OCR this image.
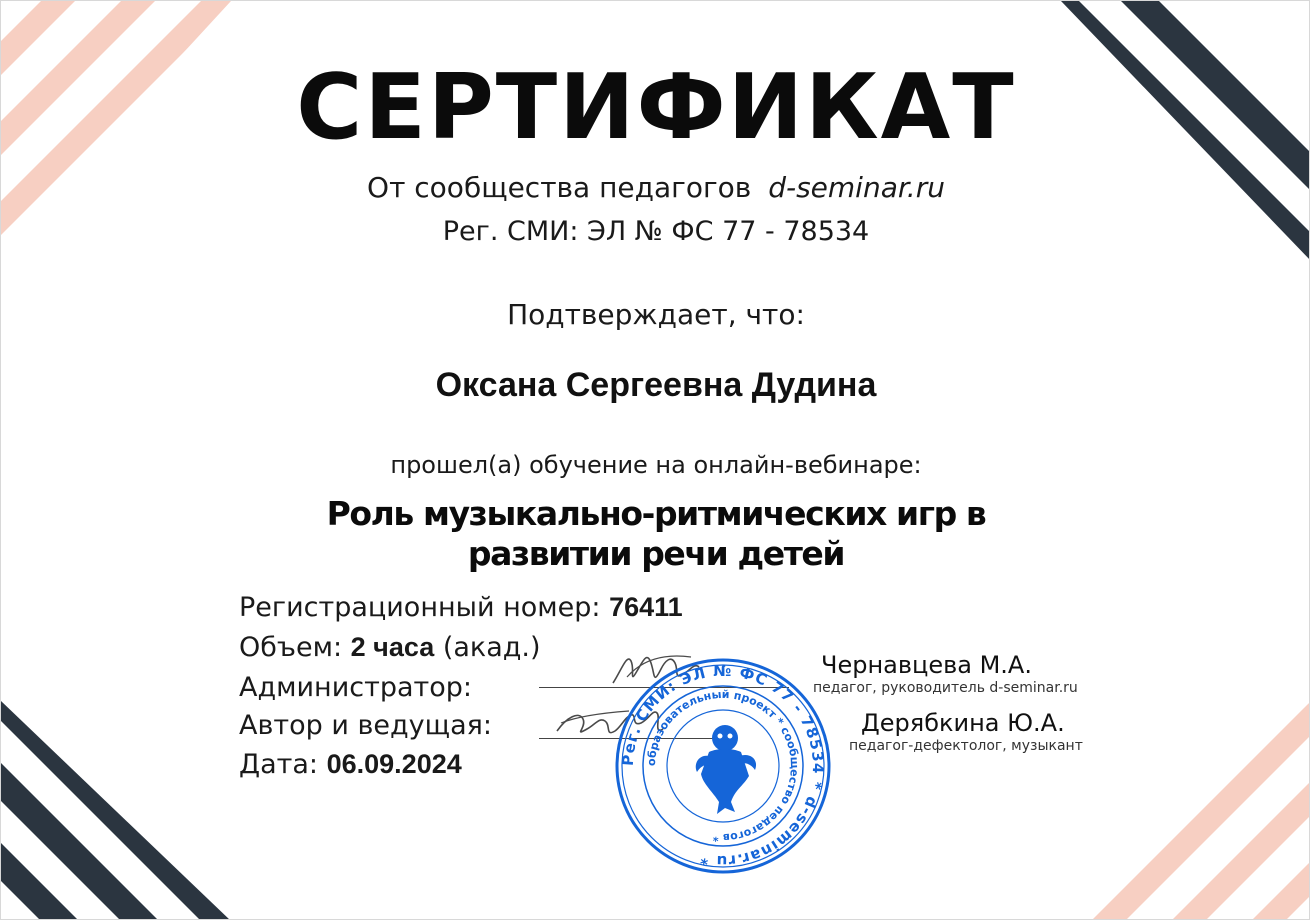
СЕРТИФИКАТ
От сообщества педагогов d-seminar.ru
Рег. СМИ: ЭЛ № ФС 77 - 78534
Подтверждает, что:
Оксана Сергеевна Дудина
прошел(а) обучение на онлайн-вебинаре:
Роль музыкально-ритмических игр в
развитии речи детей
Регистрационный номер: 76411
Объем: 2 часа (акад.)
Администратор:
Автор и ведущая:
Дата: 06.09.2024
Чернавцева М.А.
педагог, руководитель d-seminar.ru
Дерябкина Ю.А.
педагог-дефектолог, музыкант
Рег. СМИ: ЭЛ № ФС 77 - 78534 * d-seminar.ru *
образовательный проект * сообщество педагогов *
